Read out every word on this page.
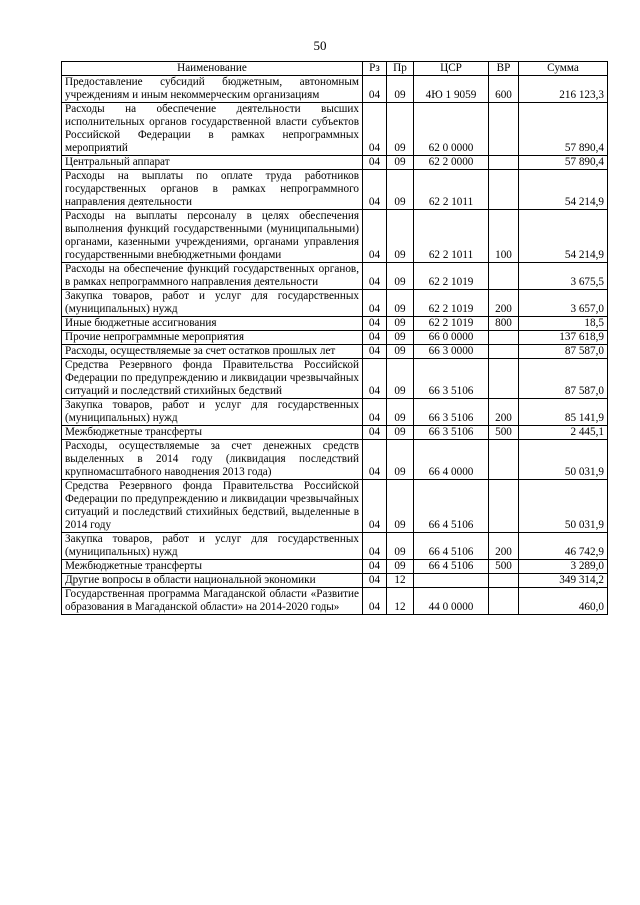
50
Наименование	Рз	Пр	ЦСР	ВР	Сумма
Предоставление субсидий бюджетным, автономным учреждениям и иным некоммерческим организациям	04	09	4Ю 1 9059	600	216 123,3
Расходы на обеспечение деятельности высших исполнительных органов государственной власти субъектов Российской Федерации в рамках непрограммных мероприятий	04	09	62 0 0000		57 890,4
Центральный аппарат	04	09	62 2 0000		57 890,4
Расходы на выплаты по оплате труда работников государственных органов в рамках непрограммного направления деятельности	04	09	62 2 1011		54 214,9
Расходы на выплаты персоналу в целях обеспечения выполнения функций государственными (муниципальными) органами, казенными учреждениями, органами управления государственными внебюджетными фондами	04	09	62 2 1011	100	54 214,9
Расходы на обеспечение функций государственных органов, в рамках непрограммного направления деятельности	04	09	62 2 1019		3 675,5
Закупка товаров, работ и услуг для государственных (муниципальных) нужд	04	09	62 2 1019	200	3 657,0
Иные бюджетные ассигнования	04	09	62 2 1019	800	18,5
Прочие непрограммные мероприятия	04	09	66 0 0000		137 618,9
Расходы, осуществляемые за счет остатков прошлых лет	04	09	66 3 0000		87 587,0
Средства Резервного фонда Правительства Российской Федерации по предупреждению и ликвидации чрезвычайных ситуаций и последствий стихийных бедствий	04	09	66 3 5106		87 587,0
Закупка товаров, работ и услуг для государственных (муниципальных) нужд	04	09	66 3 5106	200	85 141,9
Межбюджетные трансферты	04	09	66 3 5106	500	2 445,1
Расходы, осуществляемые за счет денежных средств выделенных в 2014 году (ликвидация последствий крупномасштабного наводнения 2013 года)	04	09	66 4 0000		50 031,9
Средства Резервного фонда Правительства Российской Федерации по предупреждению и ликвидации чрезвычайных ситуаций и последствий стихийных бедствий, выделенные в 2014 году	04	09	66 4 5106		50 031,9
Закупка товаров, работ и услуг для государственных (муниципальных) нужд	04	09	66 4 5106	200	46 742,9
Межбюджетные трансферты	04	09	66 4 5106	500	3 289,0
Другие вопросы в области национальной экономики	04	12			349 314,2
Государственная программа Магаданской области «Развитие образования в Магаданской области» на 2014-2020 годы»	04	12	44 0 0000		460,0
